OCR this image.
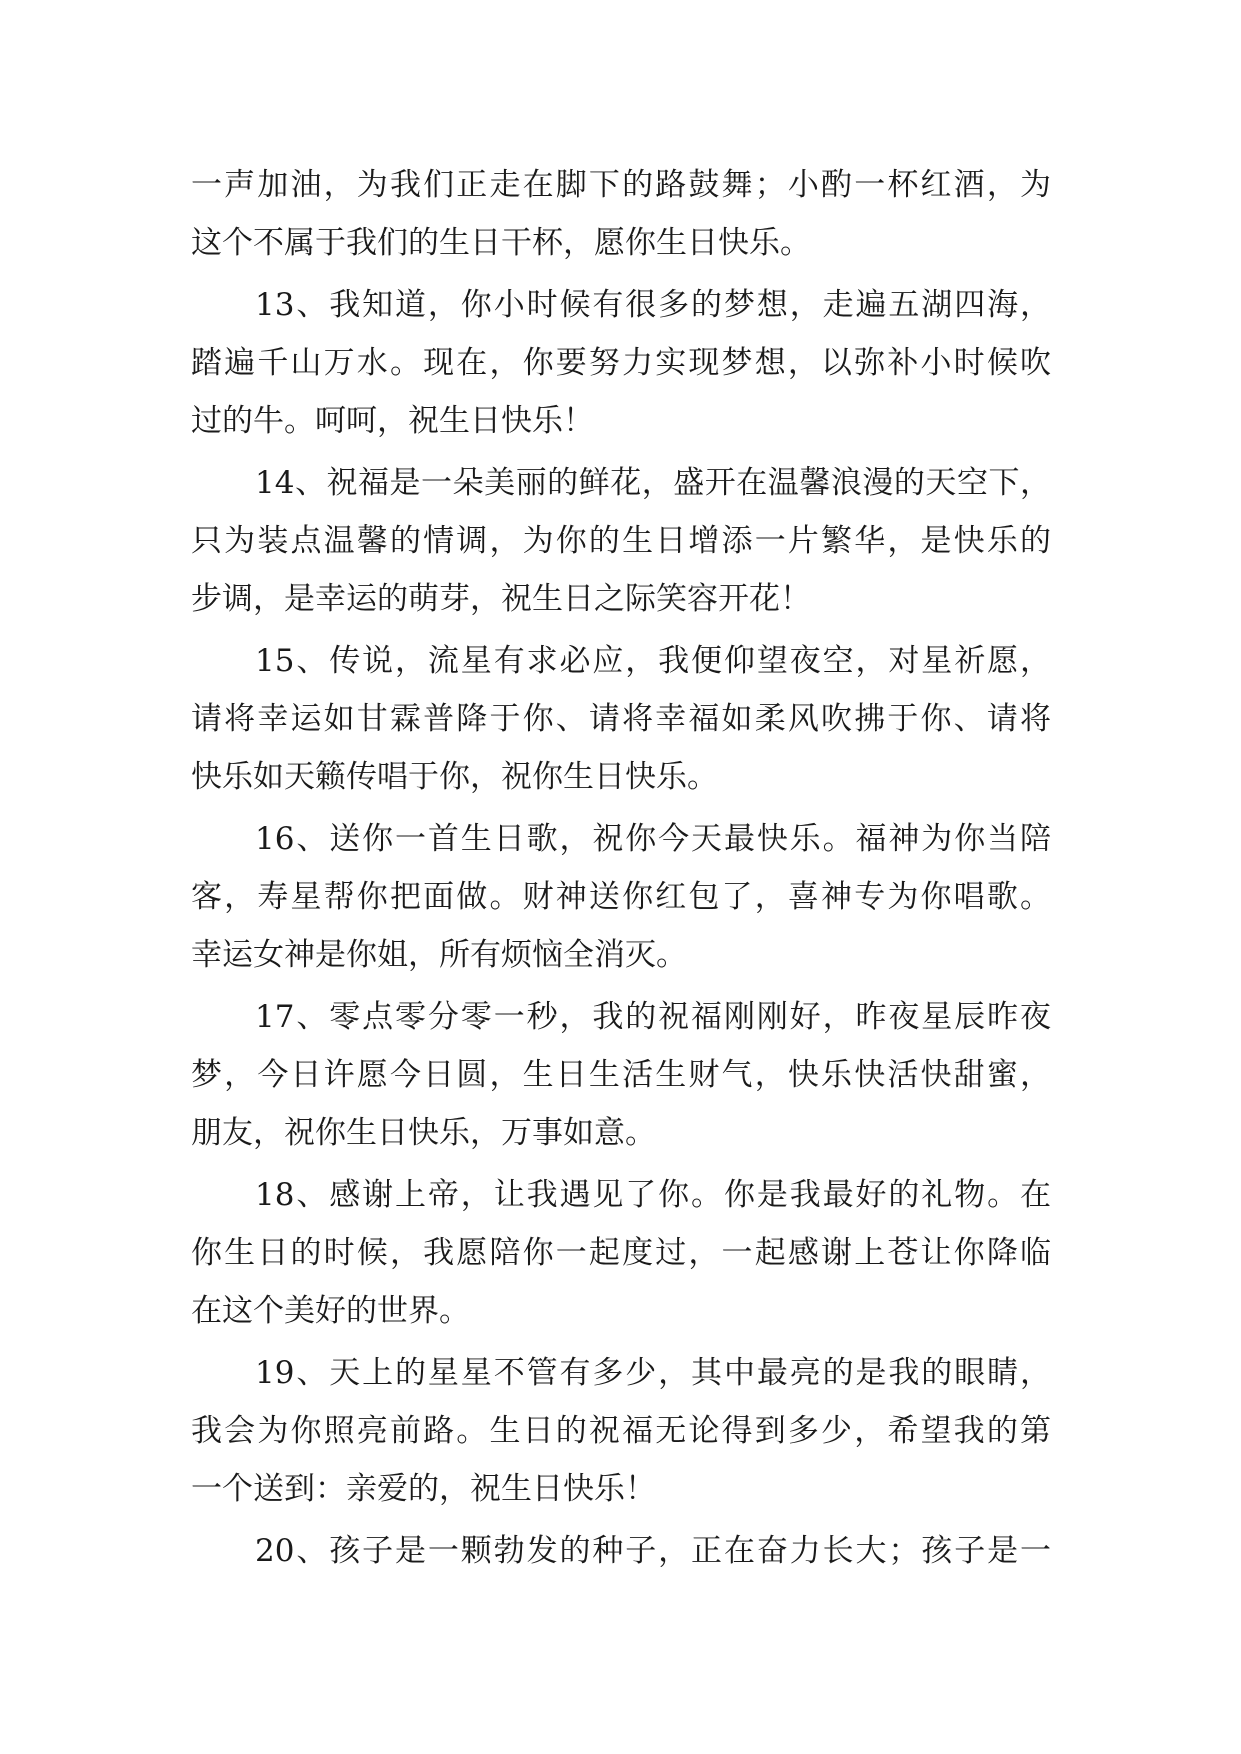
一声加油，为我们正走在脚下的路鼓舞；小酌一杯红酒，为
这个不属于我们的生日干杯，愿你生日快乐。
13、我知道，你小时候有很多的梦想，走遍五湖四海，
踏遍千山万水。现在，你要努力实现梦想，以弥补小时候吹
过的牛。呵呵，祝生日快乐！
14、祝福是一朵美丽的鲜花，盛开在温馨浪漫的天空下，
只为装点温馨的情调，为你的生日增添一片繁华，是快乐的
步调，是幸运的萌芽，祝生日之际笑容开花！
15、传说，流星有求必应，我便仰望夜空，对星祈愿，
请将幸运如甘霖普降于你、请将幸福如柔风吹拂于你、请将
快乐如天籁传唱于你，祝你生日快乐。
16、送你一首生日歌，祝你今天最快乐。福神为你当陪
客，寿星帮你把面做。财神送你红包了，喜神专为你唱歌。
幸运女神是你姐，所有烦恼全消灭。
17、零点零分零一秒，我的祝福刚刚好，昨夜星辰昨夜
梦，今日许愿今日圆，生日生活生财气，快乐快活快甜蜜，
朋友，祝你生日快乐，万事如意。
18、感谢上帝，让我遇见了你。你是我最好的礼物。在
你生日的时候，我愿陪你一起度过，一起感谢上苍让你降临
在这个美好的世界。
19、天上的星星不管有多少，其中最亮的是我的眼睛，
我会为你照亮前路。生日的祝福无论得到多少，希望我的第
一个送到：亲爱的，祝生日快乐！
20、孩子是一颗勃发的种子，正在奋力长大；孩子是一
